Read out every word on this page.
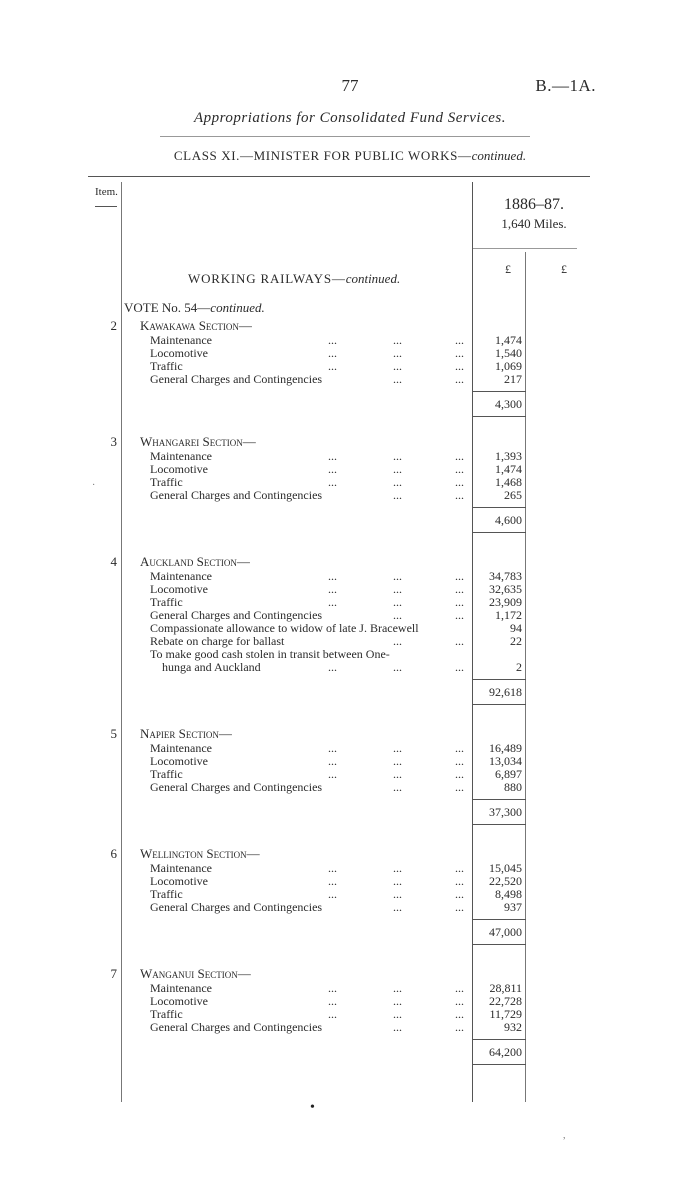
77	B.—1A.
Appropriations for Consolidated Fund Services.
CLASS XI.—MINISTER FOR PUBLIC WORKS—continued.
Item.
1886–87.
1,640 Miles.
£	£
WORKING RAILWAYS—continued.
VOTE No. 54—continued.
2 Kawakawa Section—
Maintenance	...	...	...	1,474
Locomotive	...	...	...	1,540
Traffic	...	...	...	1,069
General Charges and Contingencies	...	...	217
4,300
3 Whangarei Section—
Maintenance	...	...	...	1,393
Locomotive	...	...	...	1,474
Traffic	...	...	...	1,468
General Charges and Contingencies	...	...	265
4,600
4 Auckland Section—
Maintenance	...	...	...	34,783
Locomotive	...	...	...	32,635
Traffic	...	...	...	23,909
General Charges and Contingencies	...	...	1,172
Compassionate allowance to widow of late J. Bracewell	94
Rebate on charge for ballast	...	...	22
To make good cash stolen in transit between One-
hunga and Auckland	...	...	...	2
92,618
5 Napier Section—
Maintenance	...	...	...	16,489
Locomotive	...	...	...	13,034
Traffic	...	...	...	6,897
General Charges and Contingencies	...	...	880
37,300
6 Wellington Section—
Maintenance	...	...	...	15,045
Locomotive	...	...	...	22,520
Traffic	...	...	...	8,498
General Charges and Contingencies	...	...	937
47,000
7 Wanganui Section—
Maintenance	...	...	...	28,811
Locomotive	...	...	...	22,728
Traffic	...	...	...	11,729
General Charges and Contingencies	...	...	932
64,200
·
•
,
